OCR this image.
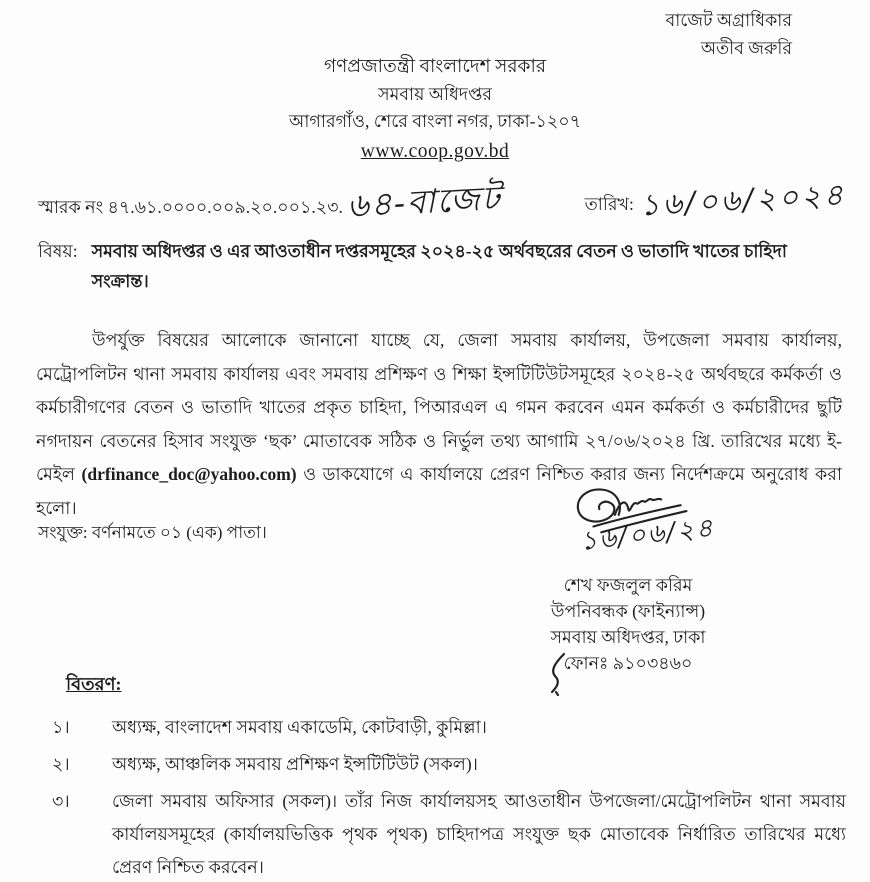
বাজেট অগ্রাধিকার
অতীব জরুরি
গণপ্রজাতন্ত্রী বাংলাদেশ সরকার
সমবায় অধিদপ্তর
আগারগাঁও, শেরে বাংলা নগর, ঢাকা-১২০৭
www.coop.gov.bd
স্মারক নং ৪৭.৬১.০০০০.০০৯.২০.০০১.২৩. ৬৪-বাজেট	তারিখ: ১৬/০৬/২০২৪
বিষয়: সমবায় অধিদপ্তর ও এর আওতাধীন দপ্তরসমূহের ২০২৪-২৫ অর্থবছরের বেতন ও ভাতাদি খাতের চাহিদা সংক্রান্ত।
উপর্যুক্ত বিষয়ের আলোকে জানানো যাচ্ছে যে, জেলা সমবায় কার্যালয়, উপজেলা সমবায় কার্যালয়, মেট্রোপলিটন থানা সমবায় কার্যালয় এবং সমবায় প্রশিক্ষণ ও শিক্ষা ইন্সটিটিউটসমূহের ২০২৪-২৫ অর্থবছরে কর্মকর্তা ও কর্মচারীগণের বেতন ও ভাতাদি খাতের প্রকৃত চাহিদা, পিআরএল এ গমন করবেন এমন কর্মকর্তা ও কর্মচারীদের ছুটি নগদায়ন বেতনের হিসাব সংযুক্ত ‘ছক’ মোতাবেক সঠিক ও নির্ভুল তথ্য আগামি ২৭/০৬/২০২৪ খ্রি. তারিখের মধ্যে ই-মেইল (drfinance_doc@yahoo.com) ও ডাকযোগে এ কার্যালয়ে প্রেরণ নিশ্চিত করার জন্য নির্দেশক্রমে অনুরোধ করা হলো।
সংযুক্ত: বর্ণনামতে ০১ (এক) পাতা।	১৬/০৬/২৪
শেখ ফজলুল করিম
উপনিবন্ধক (ফাইন্যান্স)
সমবায় অধিদপ্তর, ঢাকা
ফোনঃ ৯১০৩৪৬০
বিতরণ:
১।	অধ্যক্ষ, বাংলাদেশ সমবায় একাডেমি, কোটবাড়ী, কুমিল্লা।
২।	অধ্যক্ষ, আঞ্চলিক সমবায় প্রশিক্ষণ ইন্সটিটিউট (সকল)।
৩।	জেলা সমবায় অফিসার (সকল)। তাঁর নিজ কার্যালয়সহ আওতাধীন উপজেলা/মেট্রোপলিটন থানা সমবায় কার্যালয়সমূহের (কার্যালয়ভিত্তিক পৃথক পৃথক) চাহিদাপত্র সংযুক্ত ছক মোতাবেক নির্ধারিত তারিখের মধ্যে প্রেরণ নিশ্চিত করবেন।
